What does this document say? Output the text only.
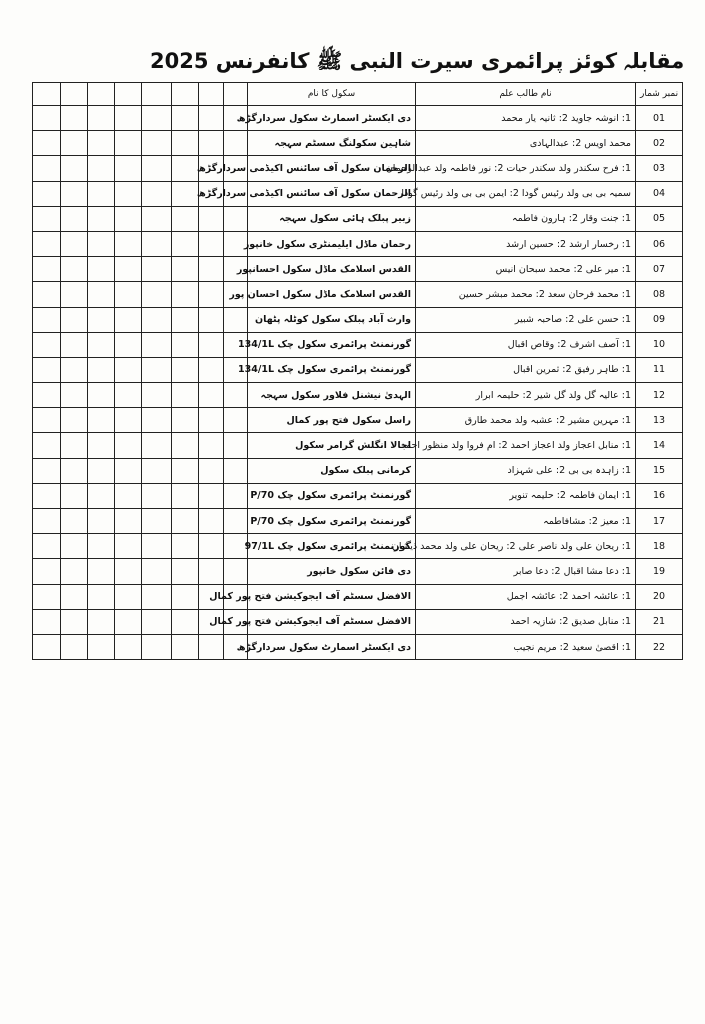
مقابلہ کوئز پرائمری سیرت النبی ﷺ کانفرنس 2025
								سکول کا نام	نام طالب علم	نمبر شمار
								دی ایکسٹر اسمارٹ سکول سردارگڑھ	1: انوشہ جاوید 2: ثانیہ یار محمد	01
								شاہین سکولنگ سسٹم سہجہ	محمد اویس 2: عبدالہادی	02
								الرحمان سکول آف سائنس اکیڈمی سردارگڑھ	1: فرح سکندر ولد سکندر حیات 2: نور فاطمہ ولد عبدالرحمان	03
								الرحمان سکول آف سائنس اکیڈمی سردارگڑھ	سمیہ بی بی ولد رئیس گودا 2: ایمن بی بی ولد رئیس گودا	04
								زبیر پبلک ہائی سکول سہجہ	1: جنت وقار 2: ہارون فاطمہ	05
								رحمان ماڈل ایلیمنٹری سکول خانپور	1: رخسار ارشد 2: حسین ارشد	06
								القدس اسلامک ماڈل سکول احسانپور	1: میر علی 2: محمد سبحان انیس	07
								القدس اسلامک ماڈل سکول احسان پور	1: محمد فرحان سعد 2: محمد مبشر حسین	08
								وارث آباد پبلک سکول کوٹلہ پٹھان	1: حسن علی 2: صاحبہ شبیر	09
								گورنمنٹ پرائمری سکول چک 134/1L	1: آصف اشرف 2: وقاص اقبال	10
								گورنمنٹ پرائمری سکول چک 134/1L	1: طاہر رفیق 2: ثمرین اقبال	11
								الہدیٰ نیشنل فلاور سکول سہجہ	1: عالیہ گل ولد گل شیر 2: حلیمہ ابرار	12
								راسل سکول فتح پور کمال	1: مہرین مشیر 2: عشبہ ولد محمد طارق	13
								اجالا انگلش گرامر سکول	1: منابل اعجاز ولد اعجاز احمد 2: ام فروا ولد منظور احمد	14
								کرمانی پبلک سکول	1: زاہدہ بی بی 2: علی شہزاد	15
								گورنمنٹ پرائمری سکول چک 70/P	1: ایمان فاطمہ 2: حلیمہ تنویر	16
								گورنمنٹ پرائمری سکول چک 70/P	1: معیز 2: مشافاطمہ	17
								گورنمنٹ پرائمری سکول چک 97/1L	1: ریحان علی ولد ناصر علی 2: ریحان علی ولد محمد ذیشان	18
								دی فائن سکول خانپور	1: دعا مشا اقبال 2: دعا صابر	19
								الافضل سسٹم آف ایجوکیشن فتح پور کمال	1: عائشہ احمد 2: عائشہ اجمل	20
								الافضل سسٹم آف ایجوکیشن فتح پور کمال	1: منابل صدیق 2: شازیہ احمد	21
								دی ایکسٹر اسمارٹ سکول سردارگڑھ	1: اقصیٰ سعید 2: مریم نجیب	22
